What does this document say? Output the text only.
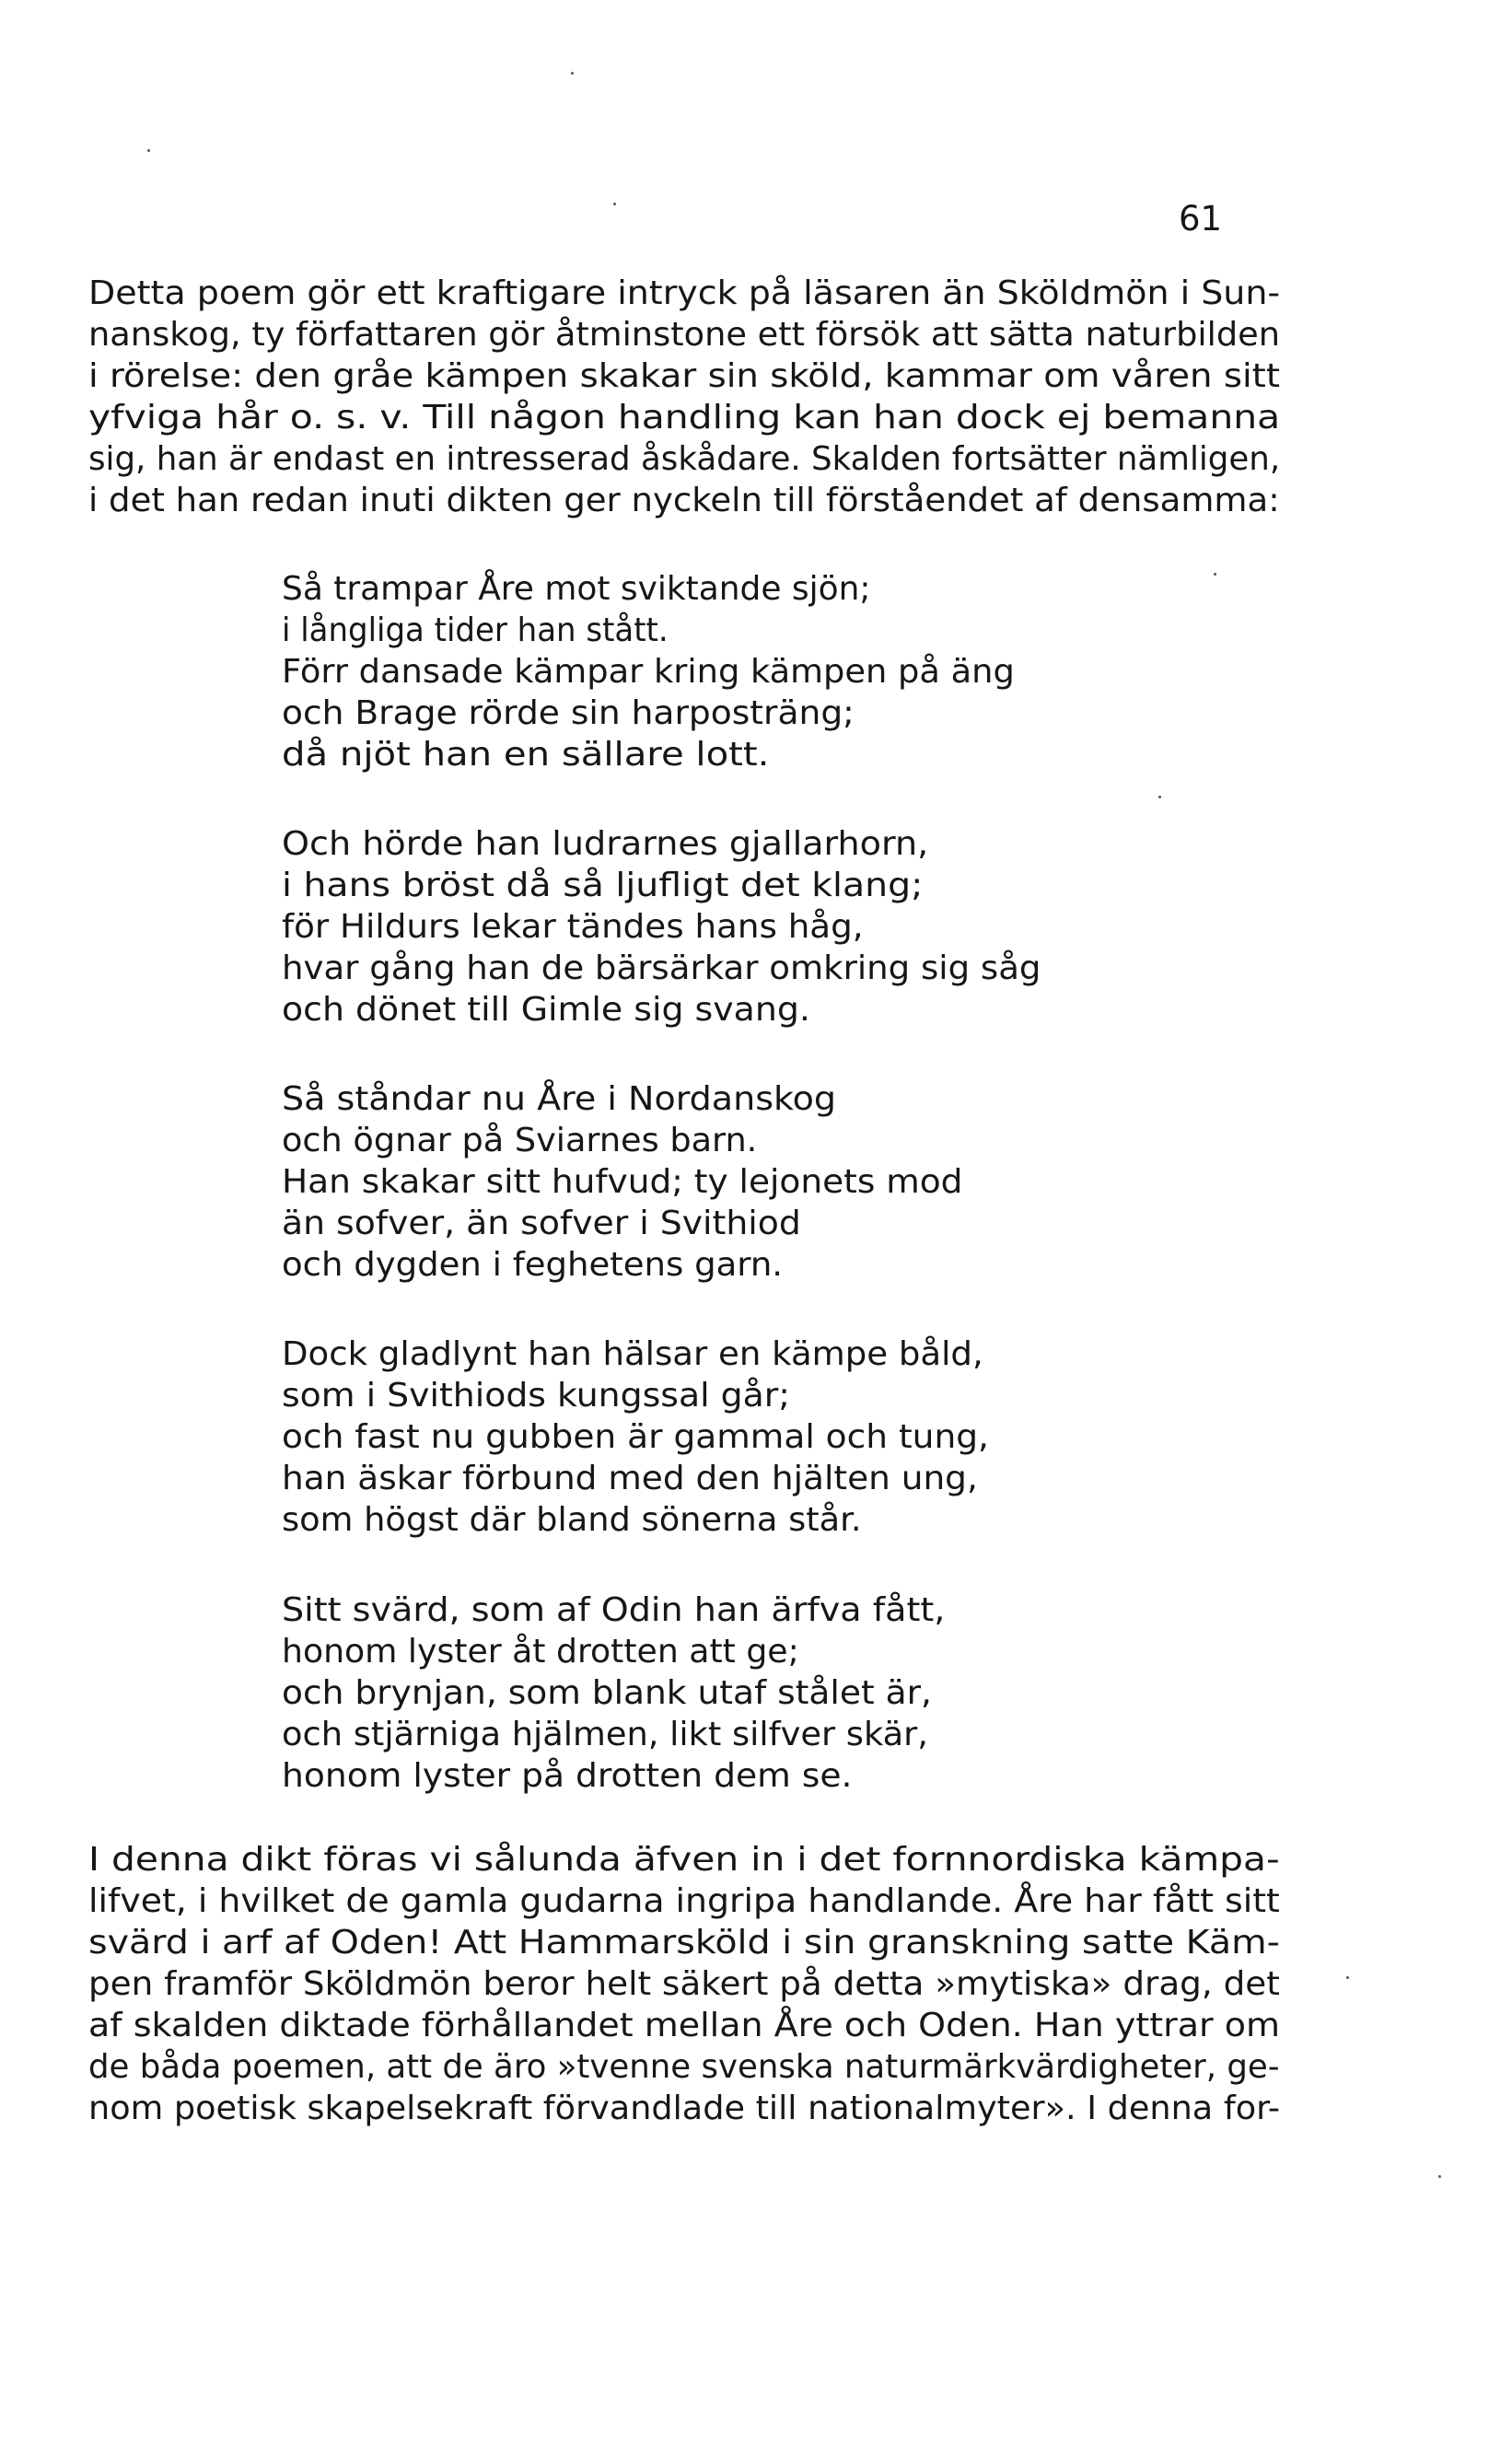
61
Detta poem gör ett kraftigare intryck på läsaren än Sköldmön i Sun-
nanskog, ty författaren gör åtminstone ett försök att sätta naturbilden
i rörelse: den gråe kämpen skakar sin sköld, kammar om våren sitt
yfviga hår o. s. v. Till någon handling kan han dock ej bemanna
sig, han är endast en intresserad åskådare. Skalden fortsätter nämligen,
i det han redan inuti dikten ger nyckeln till förståendet af densamma:
Så trampar Åre mot sviktande sjön;
i långliga tider han stått.
Förr dansade kämpar kring kämpen på äng
och Brage rörde sin harposträng;
då njöt han en sällare lott.
Och hörde han ludrarnes gjallarhorn,
i hans bröst då så ljufligt det klang;
för Hildurs lekar tändes hans håg,
hvar gång han de bärsärkar omkring sig såg
och dönet till Gimle sig svang.
Så ståndar nu Åre i Nordanskog
och ögnar på Sviarnes barn.
Han skakar sitt hufvud; ty lejonets mod
än sofver, än sofver i Svithiod
och dygden i feghetens garn.
Dock gladlynt han hälsar en kämpe båld,
som i Svithiods kungssal går;
och fast nu gubben är gammal och tung,
han äskar förbund med den hjälten ung,
som högst där bland sönerna står.
Sitt svärd, som af Odin han ärfva fått,
honom lyster åt drotten att ge;
och brynjan, som blank utaf stålet är,
och stjärniga hjälmen, likt silfver skär,
honom lyster på drotten dem se.
I denna dikt föras vi sålunda äfven in i det fornnordiska kämpa-
lifvet, i hvilket de gamla gudarna ingripa handlande. Åre har fått sitt
svärd i arf af Oden! Att Hammarsköld i sin granskning satte Käm-
pen framför Sköldmön beror helt säkert på detta »mytiska» drag, det
af skalden diktade förhållandet mellan Åre och Oden. Han yttrar om
de båda poemen, att de äro »tvenne svenska naturmärkvärdigheter, ge-
nom poetisk skapelsekraft förvandlade till nationalmyter». I denna for-
